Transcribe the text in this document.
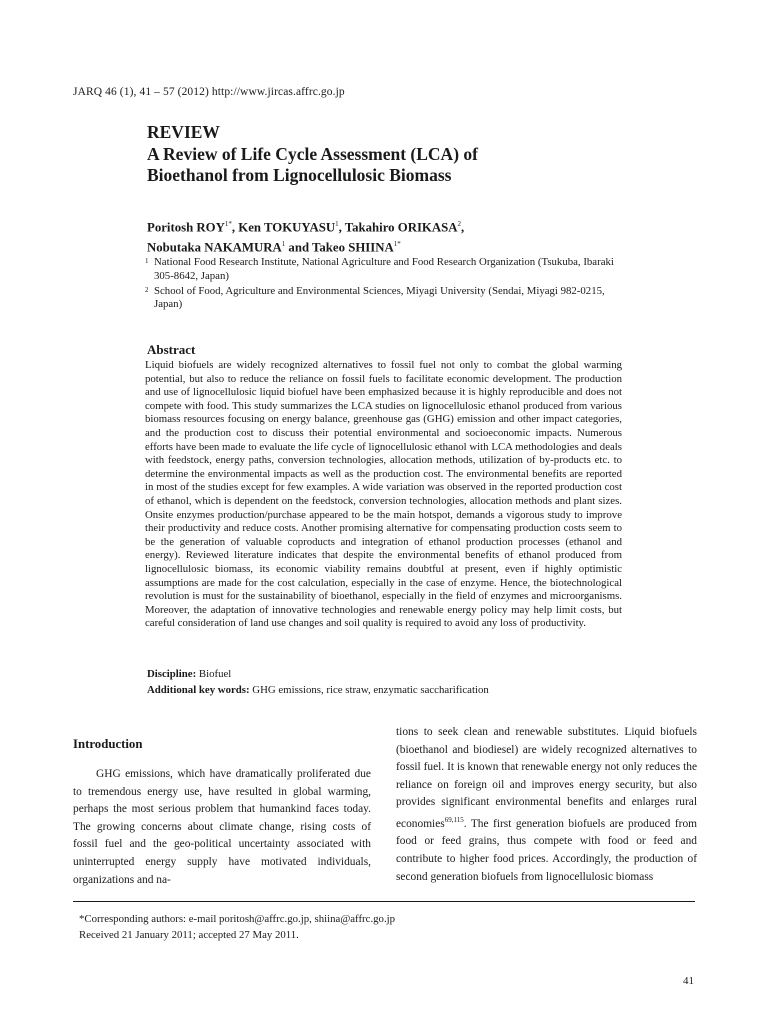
JARQ 46 (1), 41 – 57 (2012) http://www.jircas.affrc.go.jp
REVIEW
A Review of Life Cycle Assessment (LCA) of
Bioethanol from Lignocellulosic Biomass
Poritosh $ROY^{1*}$, Ken TOKUYASU$^1$, Takahiro ORIKASA$^2$,
Nobutaka NAKAMURA$^1$ and Takeo $SHIINA^{1*}$
1 National Food Research Institute, National Agriculture and Food Research Organization (Tsukuba, Ibaraki 305-8642, Japan)
2 School of Food, Agriculture and Environmental Sciences, Miyagi University (Sendai, Miyagi 982-0215, Japan)
Abstract
Liquid biofuels are widely recognized alternatives to fossil fuel not only to combat the global warming potential, but also to reduce the reliance on fossil fuels to facilitate economic development. The production and use of lignocellulosic liquid biofuel have been emphasized because it is highly reproducible and does not compete with food. This study summarizes the LCA studies on lignocellulosic ethanol produced from various biomass resources focusing on energy balance, greenhouse gas (GHG) emission and other impact categories, and the production cost to discuss their potential environmental and socioeconomic impacts. Numerous efforts have been made to evaluate the life cycle of lignocellulosic ethanol with LCA methodologies and deals with feedstock, energy paths, conversion technologies, allocation methods, utilization of by-products etc. to determine the environmental impacts as well as the production cost. The environmental benefits are reported in most of the studies except for few examples. A wide variation was observed in the reported production cost of ethanol, which is dependent on the feedstock, conversion technologies, allocation methods and plant sizes. Onsite enzymes production/purchase appeared to be the main hotspot, demands a vigorous study to improve their productivity and reduce costs. Another promising alternative for compensating production costs seem to be the generation of valuable coproducts and integration of ethanol production processes (ethanol and energy). Reviewed literature indicates that despite the environmental benefits of ethanol produced from lignocellulosic biomass, its economic viability remains doubtful at present, even if highly optimistic assumptions are made for the cost calculation, especially in the case of enzyme. Hence, the biotechnological revolution is must for the sustainability of bioethanol, especially in the field of enzymes and microorganisms. Moreover, the adaptation of innovative technologies and renewable energy policy may help limit costs, but careful consideration of land use changes and soil quality is required to avoid any loss of productivity.
Discipline: Biofuel
Additional key words: GHG emissions, rice straw, enzymatic saccharification
Introduction
GHG emissions, which have dramatically proliferated due to tremendous energy use, have resulted in global warming, perhaps the most serious problem that humankind faces today. The growing concerns about climate change, rising costs of fossil fuel and the geo-political uncertainty associated with uninterrupted energy supply have motivated individuals, organizations and na-
tions to seek clean and renewable substitutes. Liquid biofuels (bioethanol and biodiesel) are widely recognized alternatives to fossil fuel. It is known that renewable energy not only reduces the reliance on foreign oil and improves energy security, but also provides significant environmental benefits and enlarges rural economies$^{69,115}$. The first generation biofuels are produced from food or feed grains, thus compete with food or feed and contribute to higher food prices. Accordingly, the production of second generation biofuels from lignocellulosic biomass
*Corresponding authors: e-mail poritosh@affrc.go.jp, shiina@affrc.go.jp
Received 21 January 2011; accepted 27 May 2011.
41
